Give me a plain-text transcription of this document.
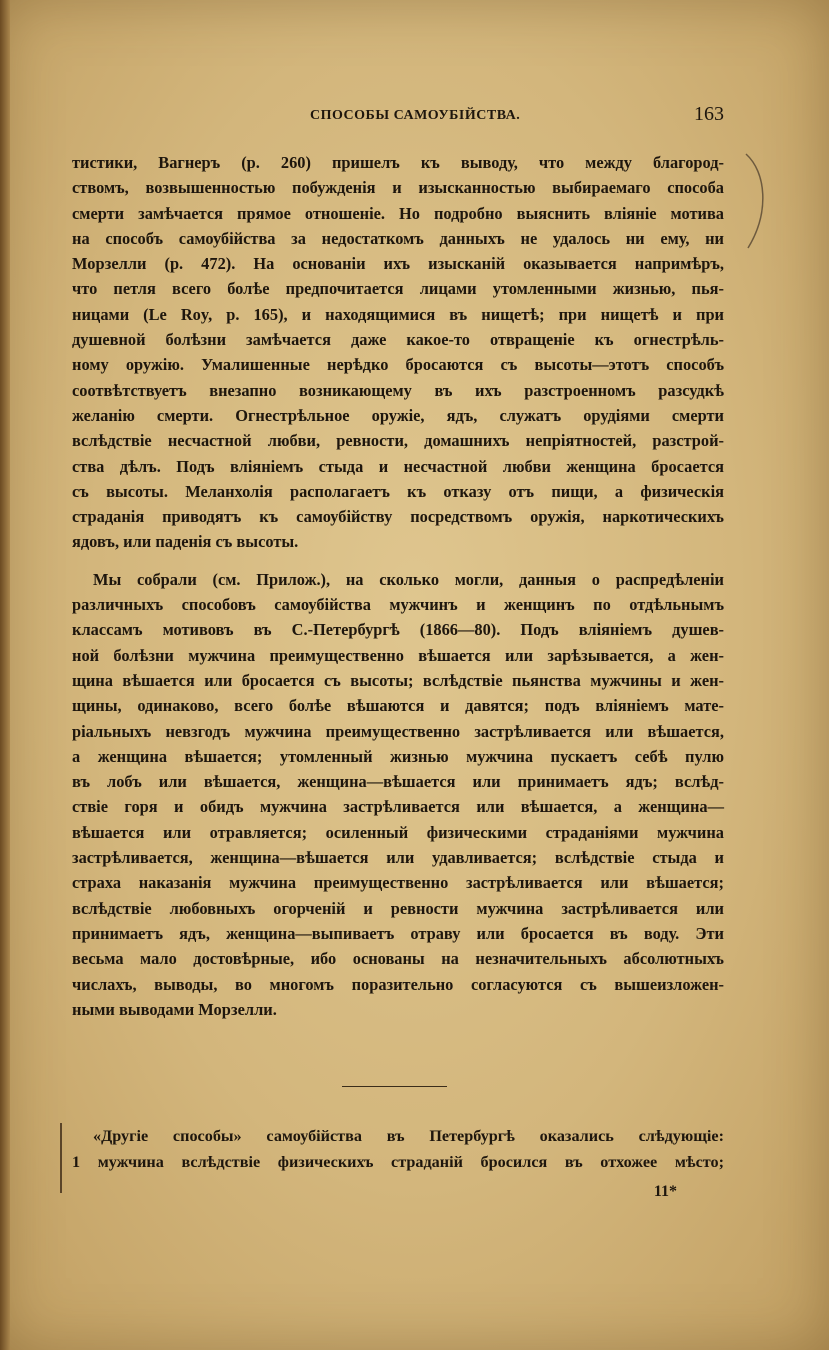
СПОСОБЫ САМОУБІЙСТВА.	163
тистики, Вагнеръ (р. 260) пришелъ къ выводу, что между благород-
ствомъ, возвышенностью побужденія и изысканностью выбираемаго способа
смерти замѣчается прямое отношеніе. Но подробно выяснить вліяніе мотива
на способъ самоубійства за недостаткомъ данныхъ не удалось ни ему, ни
Морзелли (р. 472). На основаніи ихъ изысканій оказывается напримѣръ,
что петля всего болѣе предпочитается лицами утомленными жизнью, пья-
ницами (Le Roy, р. 165), и находящимися въ нищетѣ; при нищетѣ и при
душевной болѣзни замѣчается даже какое-то отвращеніе къ огнестрѣль-
ному оружію. Умалишенные нерѣдко бросаются съ высоты—этотъ способъ
соотвѣтствуетъ внезапно возникающему въ ихъ разстроенномъ разсудкѣ
желанію смерти. Огнестрѣльное оружіе, ядъ, служатъ орудіями смерти
вслѣдствіе несчастной любви, ревности, домашнихъ непріятностей, разстрой-
ства дѣлъ. Подъ вліяніемъ стыда и несчастной любви женщина бросается
съ высоты. Меланхолія располагаетъ къ отказу отъ пищи, а физическія
страданія приводятъ къ самоубійству посредствомъ оружія, наркотическихъ
ядовъ, или паденія съ высоты.
Мы собрали (см. Прилож.), на сколько могли, данныя о распредѣленіи
различныхъ способовъ самоубійства мужчинъ и женщинъ по отдѣльнымъ
классамъ мотивовъ въ С.-Петербургѣ (1866—80). Подъ вліяніемъ душев-
ной болѣзни мужчина преимущественно вѣшается или зарѣзывается, а жен-
щина вѣшается или бросается съ высоты; вслѣдствіе пьянства мужчины и жен-
щины, одинаково, всего болѣе вѣшаются и давятся; подъ вліяніемъ мате-
ріальныхъ невзгодъ мужчина преимущественно застрѣливается или вѣшается,
а женщина вѣшается; утомленный жизнью мужчина пускаетъ себѣ пулю
въ лобъ или вѣшается, женщина—вѣшается или принимаетъ ядъ; вслѣд-
ствіе горя и обидъ мужчина застрѣливается или вѣшается, а женщина—
вѣшается или отравляется; осиленный физическими страданіями мужчина
застрѣливается, женщина—вѣшается или удавливается; вслѣдствіе стыда и
страха наказанія мужчина преимущественно застрѣливается или вѣшается;
вслѣдствіе любовныхъ огорченій и ревности мужчина застрѣливается или
принимаетъ ядъ, женщина—выпиваетъ отраву или бросается въ воду. Эти
весьма мало достовѣрные, ибо основаны на незначительныхъ абсолютныхъ
числахъ, выводы, во многомъ поразительно согласуются съ вышеизложен-
ными выводами Морзелли.
«Другіе способы» самоубійства въ Петербургѣ оказались слѣдующіе:
1 мужчина вслѣдствіе физическихъ страданій бросился въ отхожее мѣсто;
11*
